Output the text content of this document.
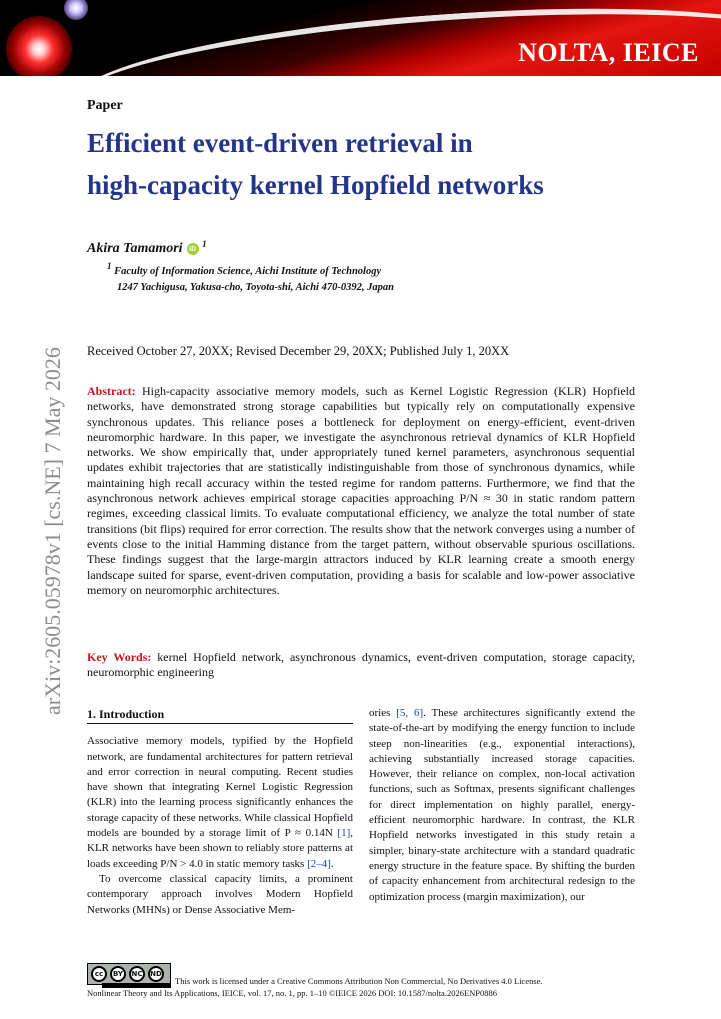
NOLTA, IEICE
arXiv:2605.05978v1 [cs.NE] 7 May 2026
Paper
Efficient event-driven retrieval in
high-capacity kernel Hopfield networks
Akira Tamamori iD $^1$
1 Faculty of Information Science, Aichi Institute of Technology
1247 Yachigusa, Yakusa-cho, Toyota-shi, Aichi 470-0392, Japan
Received October 27, 20XX; Revised December 29, 20XX; Published July 1, 20XX

Abstract: High-capacity associative memory models, such as Kernel Logistic Regression (KLR) Hopfield networks, have demonstrated strong storage capabilities but typically rely on computationally expensive synchronous updates. This reliance poses a bottleneck for deployment on energy-efficient, event-driven neuromorphic hardware. In this paper, we investigate the asynchronous retrieval dynamics of KLR Hopfield networks. We show empirically that, under appropriately tuned kernel parameters, asynchronous sequential updates exhibit trajectories that are statistically indistinguishable from those of synchronous dynamics, while maintaining high recall accuracy within the tested regime for random patterns. Furthermore, we find that the asynchronous network achieves empirical storage capacities approaching P/N ≈ 30 in static random pattern regimes, exceeding classical limits. To evaluate computational efficiency, we analyze the total number of state transitions (bit flips) required for error correction. The results show that the network converges using a number of events close to the initial Hamming distance from the target pattern, without observable spurious oscillations. These findings suggest that the large-margin attractors induced by KLR learning create a smooth energy landscape suited for sparse, event-driven computation, providing a basis for scalable and low-power associative memory on neuromorphic architectures.

Key Words: kernel Hopfield network, asynchronous dynamics, event-driven computation, storage capacity, neuromorphic engineering

1. Introduction

Associative memory models, typified by the Hopfield network, are fundamental architectures for pattern retrieval and error correction in neural computing. Recent studies have shown that integrating Kernel Logistic Regression (KLR) into the learning process significantly enhances the storage capacity of these networks. While classical Hopfield models are bounded by a storage limit of P ≈ 0.14N [1], KLR networks have been shown to reliably store patterns at loads exceeding P/N > 4.0 in static memory tasks [2–4].

To overcome classical capacity limits, a prominent contemporary approach involves Modern Hopfield Networks (MHNs) or Dense Associative Mem-

ories [5, 6]. These architectures significantly extend the state-of-the-art by modifying the energy function to include steep non-linearities (e.g., exponential interactions), achieving substantially increased storage capacities. However, their reliance on complex, non-local activation functions, such as Softmax, presents significant challenges for direct implementation on highly parallel, energy-efficient neuromorphic hardware. In contrast, the KLR Hopfield networks investigated in this study retain a simpler, binary-state architecture with a standard quadratic energy structure in the feature space. By shifting the burden of capacity enhancement from architectural redesign to the optimization process (margin maximization), our

cc	BY	NC	ND
This work is licensed under a Creative Commons Attribution Non Commercial, No Derivatives 4.0 License.
Nonlinear Theory and Its Applications, IEICE, vol. 17, no. 1, pp. 1–10 ©IEICE 2026 DOI: 10.1587/nolta.2026ENP0886
